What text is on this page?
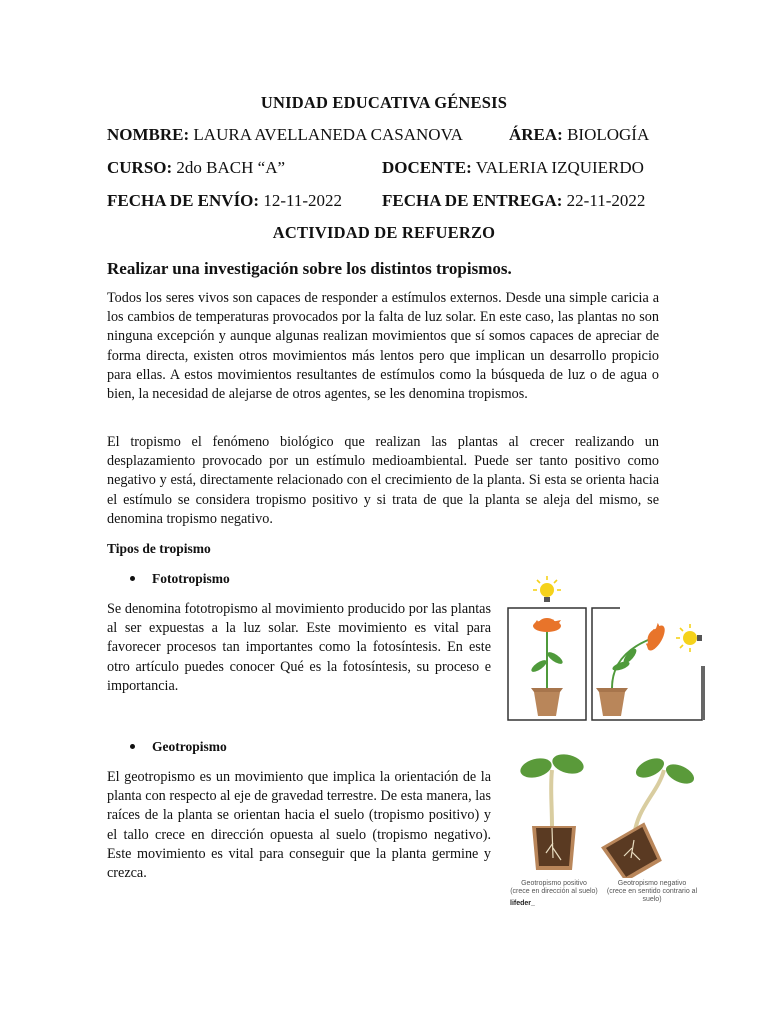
UNIDAD EDUCATIVA GÉNESIS
NOMBRE: LAURA AVELLANEDA CASANOVA	ÁREA: BIOLOGÍA
CURSO: 2do BACH “A”	DOCENTE: VALERIA IZQUIERDO
FECHA DE ENVÍO: 12-11-2022 FECHA DE ENTREGA: 22-11-2022
ACTIVIDAD DE REFUERZO
Realizar una investigación sobre los distintos tropismos.

Todos los seres vivos son capaces de responder a estímulos externos. Desde una simple caricia a los cambios de temperaturas provocados por la falta de luz solar. En este caso, las plantas no son ninguna excepción y aunque algunas realizan movimientos que sí somos capaces de apreciar de forma directa, existen otros movimientos más lentos pero que implican un desarrollo propicio para ellas. A estos movimientos resultantes de estímulos como la búsqueda de luz o de agua o bien, la necesidad de alejarse de otros agentes, se les denomina tropismos.

El tropismo el fenómeno biológico que realizan las plantas al crecer realizando un desplazamiento provocado por un estímulo medioambiental. Puede ser tanto positivo como negativo y está, directamente relacionado con el crecimiento de la planta. Si esta se orienta hacia el estímulo se considera tropismo positivo y si trata de que la planta se aleja del mismo, se denomina tropismo negativo.

Tipos de tropismo
Fototropismo

Se denomina fototropismo al movimiento producido por las plantas al ser expuestas a la luz solar. Este movimiento es vital para favorecer procesos tan importantes como la fotosíntesis. En este otro artículo puedes conocer Qué es la fotosíntesis, su proceso e importancia.

Geotropismo

El geotropismo es un movimiento que implica la orientación de la planta con respecto al eje de gravedad terrestre. De esta manera, las raíces de la planta se orientan hacia el suelo (tropismo positivo) y el tallo crece en dirección opuesta al suelo (tropismo negativo). Este movimiento es vital para conseguir que la planta germine y crezca.

Geotropismo positivo
(crece en dirección al suelo)
Geotropismo negativo
(crece en sentido contrario al suelo)
lifeder_
